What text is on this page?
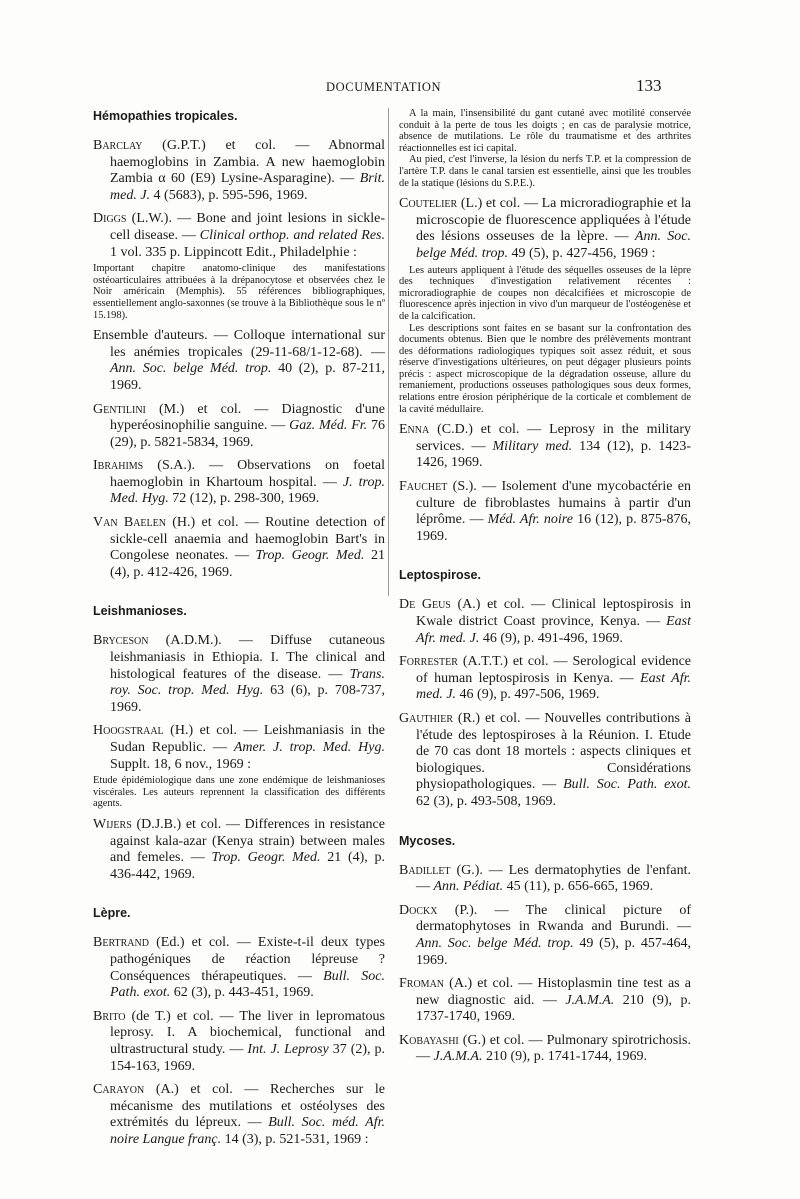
DOCUMENTATION	133
Hémopathies tropicales.

Barclay (G.P.T.) et col. — Abnormal haemoglobins in Zambia. A new haemoglobin Zambia α 60 (E9) Lysine-Asparagine). — Brit. med. J. 4 (5683), p. 595-596, 1969.

Diggs (L.W.). — Bone and joint lesions in sickle-cell disease. — Clinical orthop. and related Res. 1 vol. 335 p. Lippincott Edit., Philadelphie :

Important chapitre anatomo-clinique des manifestations ostéoarticulaires attribuées à la drépanocytose et observées chez le Noir américain (Memphis). 55 références bibliographiques, essentiellement anglo-saxonnes (se trouve à la Bibliothèque sous le nº 15.198).

Ensemble d'auteurs. — Colloque international sur les anémies tropicales (29-11-68/1-12-68). — Ann. Soc. belge Méd. trop. 40 (2), p. 87-211, 1969.

Gentilini (M.) et col. — Diagnostic d'une hyperéosinophilie sanguine. — Gaz. Méd. Fr. 76 (29), p. 5821-5834, 1969.

Ibrahims (S.A.). — Observations on foetal haemoglobin in Khartoum hospital. — J. trop. Med. Hyg. 72 (12), p. 298-300, 1969.

Van Baelen (H.) et col. — Routine detection of sickle-cell anaemia and haemoglobin Bart's in Congolese neonates. — Trop. Geogr. Med. 21 (4), p. 412-426, 1969.

Leishmanioses.

Bryceson (A.D.M.). — Diffuse cutaneous leishmaniasis in Ethiopia. I. The clinical and histological features of the disease. — Trans. roy. Soc. trop. Med. Hyg. 63 (6), p. 708-737, 1969.

Hoogstraal (H.) et col. — Leishmaniasis in the Sudan Republic. — Amer. J. trop. Med. Hyg. Supplt. 18, 6 nov., 1969 :

Etude épidémiologique dans une zone endémique de leishmanioses viscérales. Les auteurs reprennent la classification des différents agents.

Wijers (D.J.B.) et col. — Differences in resistance against kala-azar (Kenya strain) between males and femeles. — Trop. Geogr. Med. 21 (4), p. 436-442, 1969.

Lèpre.

Bertrand (Ed.) et col. — Existe-t-il deux types pathogéniques de réaction lépreuse ? Conséquences thérapeutiques. — Bull. Soc. Path. exot. 62 (3), p. 443-451, 1969.

Brito (de T.) et col. — The liver in lepromatous leprosy. I. A biochemical, functional and ultrastructural study. — Int. J. Leprosy 37 (2), p. 154-163, 1969.

Carayon (A.) et col. — Recherches sur le mécanisme des mutilations et ostéolyses des extrémités du lépreux. — Bull. Soc. méd. Afr. noire Langue franç. 14 (3), p. 521-531, 1969 :

A la main, l'insensibilité du gant cutané avec motilité conservée conduit à la perte de tous les doigts ; en cas de paralysie motrice, absence de mutilations. Le rôle du traumatisme et des arthrites réactionnelles est ici capital.

Au pied, c'est l'inverse, la lésion du nerfs T.P. et la compression de l'artère T.P. dans le canal tarsien est essentielle, ainsi que les troubles de la statique (lésions du S.P.E.).

Coutelier (L.) et col. — La microradiographie et la microscopie de fluorescence appliquées à l'étude des lésions osseuses de la lèpre. — Ann. Soc. belge Méd. trop. 49 (5), p. 427-456, 1969 :

Les auteurs appliquent à l'étude des séquelles osseuses de la lèpre des techniques d'investigation relativement récentes : microradiographie de coupes non décalcifiées et microscopie de fluorescence après injection in vivo d'un marqueur de l'ostéogenèse et de la calcification.

Les descriptions sont faites en se basant sur la confrontation des documents obtenus. Bien que le nombre des prélèvements montrant des déformations radiologiques typiques soit assez réduit, et sous réserve d'investigations ultérieures, on peut dégager plusieurs points précis : aspect microscopique de la dégradation osseuse, allure du remaniement, productions osseuses pathologiques sous deux formes, relations entre érosion périphérique de la corticale et comblement de la cavité médullaire.

Enna (C.D.) et col. — Leprosy in the military services. — Military med. 134 (12), p. 1423-1426, 1969.

Fauchet (S.). — Isolement d'une mycobactérie en culture de fibroblastes humains à partir d'un léprôme. — Méd. Afr. noire 16 (12), p. 875-876, 1969.

Leptospirose.

De Geus (A.) et col. — Clinical leptospirosis in Kwale district Coast province, Kenya. — East Afr. med. J. 46 (9), p. 491-496, 1969.

Forrester (A.T.T.) et col. — Serological evidence of human leptospirosis in Kenya. — East Afr. med. J. 46 (9), p. 497-506, 1969.

Gauthier (R.) et col. — Nouvelles contributions à l'étude des leptospiroses à la Réunion. I. Etude de 70 cas dont 18 mortels : aspects cliniques et biologiques. Considérations physiopathologiques. — Bull. Soc. Path. exot. 62 (3), p. 493-508, 1969.

Mycoses.

Badillet (G.). — Les dermatophyties de l'enfant. — Ann. Pédiat. 45 (11), p. 656-665, 1969.

Dockx (P.). — The clinical picture of dermatophytoses in Rwanda and Burundi. — Ann. Soc. belge Méd. trop. 49 (5), p. 457-464, 1969.

Froman (A.) et col. — Histoplasmin tine test as a new diagnostic aid. — J.A.M.A. 210 (9), p. 1737-1740, 1969.

Kobayashi (G.) et col. — Pulmonary spirotrichosis. — J.A.M.A. 210 (9), p. 1741-1744, 1969.
